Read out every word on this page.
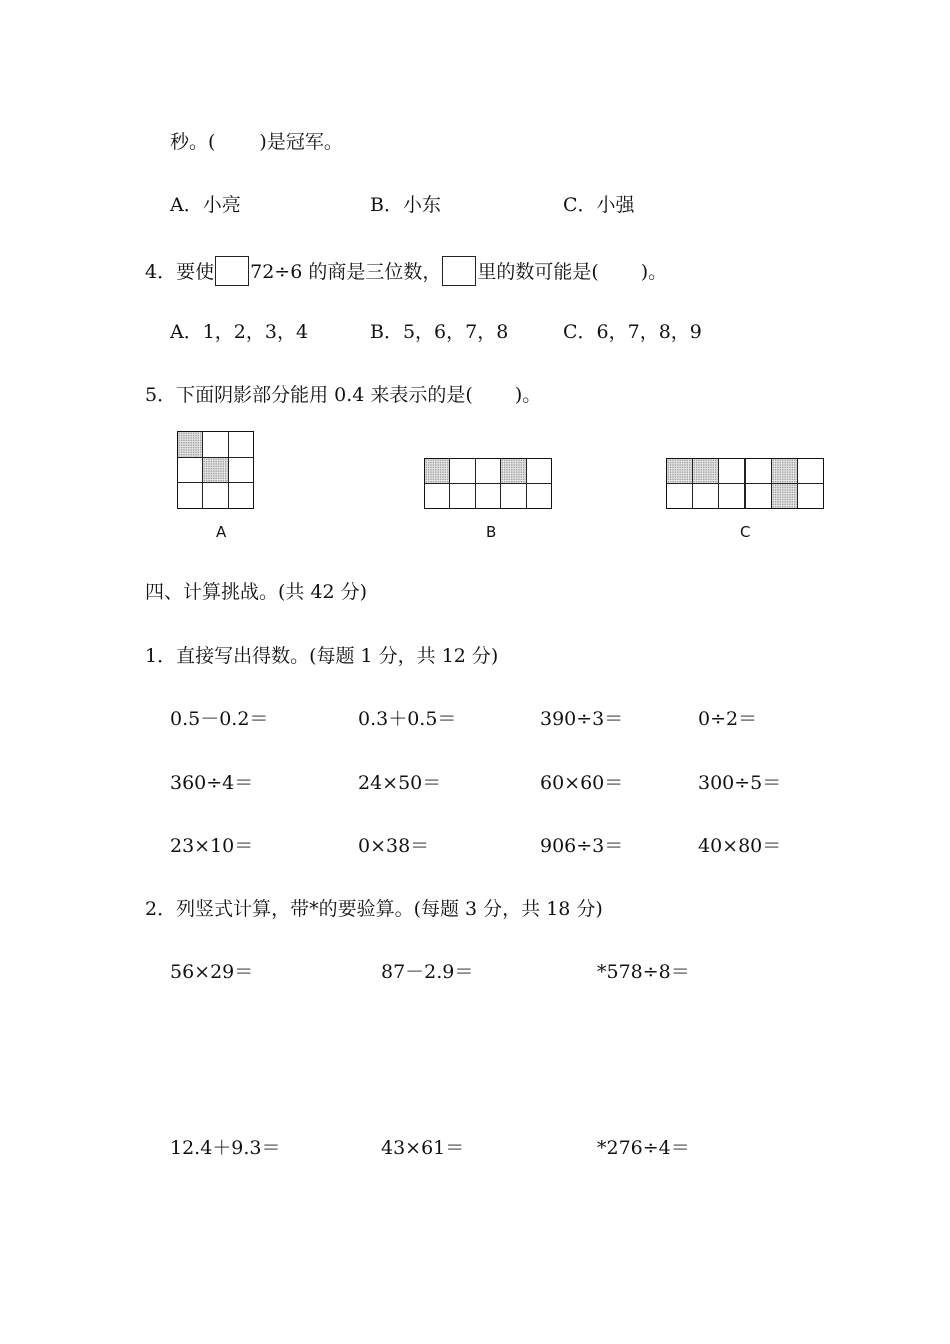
秒。( )是冠军。
A．小亮	B．小东	C．小强
4．要使 72÷6 的商是三位数， 里的数可能是( )。
A．1，2，3，4	B．5，6，7，8	C．6，7，8，9
5．下面阴影部分能用 0.4 来表示的是( )。
A	B	C
四、计算挑战。(共 42 分)
1．直接写出得数。(每题 1 分，共 12 分)
0.5－0.2＝	0.3＋0.5＝	390÷3＝	0÷2＝
360÷4＝	24×50＝	60×60＝	300÷5＝
23×10＝	0×38＝	906÷3＝	40×80＝
2．列竖式计算，带*的要验算。(每题 3 分，共 18 分)
56×29＝	87－2.9＝	*578÷8＝
12.4＋9.3＝	43×61＝	*276÷4＝
